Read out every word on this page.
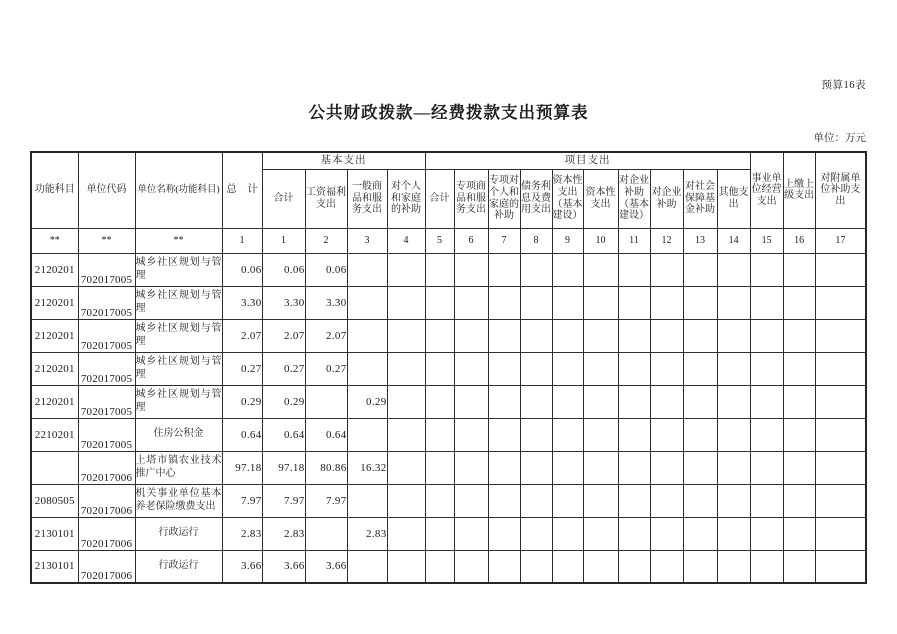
预算16表
公共财政拨款—经费拨款支出预算表
单位：万元
功能科目	单位代码	单位名称(功能科目)	总　计	基本支出				项目支出										事业单位经营支出	上缴上级支出	对附属单位补助支出
				合计	工资福利支出	一般商品和服务支出	对个人和家庭的补助	合计	专项商品和服务支出	专项对个人和家庭的补助	债务利息及费用支出	资本性支出（基本建设）	资本性支出	对企业补助（基本建设）	对企业补助	对社会保障基金补助	其他支出			
**	**	**	1	1	2	3	4	5	6	7	8	9	10	11	12	13	14	15	16	17
2120201	702017005	城乡社区规划与管理	0.06	0.06	0.06															
2120201	702017005	城乡社区规划与管理	3.30	3.30	3.30															
2120201	702017005	城乡社区规划与管理	2.07	2.07	2.07															
2120201	702017005	城乡社区规划与管理	0.27	0.27	0.27															
2120201	702017005	城乡社区规划与管理	0.29	0.29		0.29														
2210201	702017005	住房公积金	0.64	0.64	0.64															
	702017006	上塔市镇农业技术推广中心	97.18	97.18	80.86	16.32														
2080505	702017006	机关事业单位基本养老保险缴费支出	7.97	7.97	7.97															
2130101	702017006	行政运行	2.83	2.83		2.83														
2130101	702017006	行政运行	3.66	3.66	3.66															
